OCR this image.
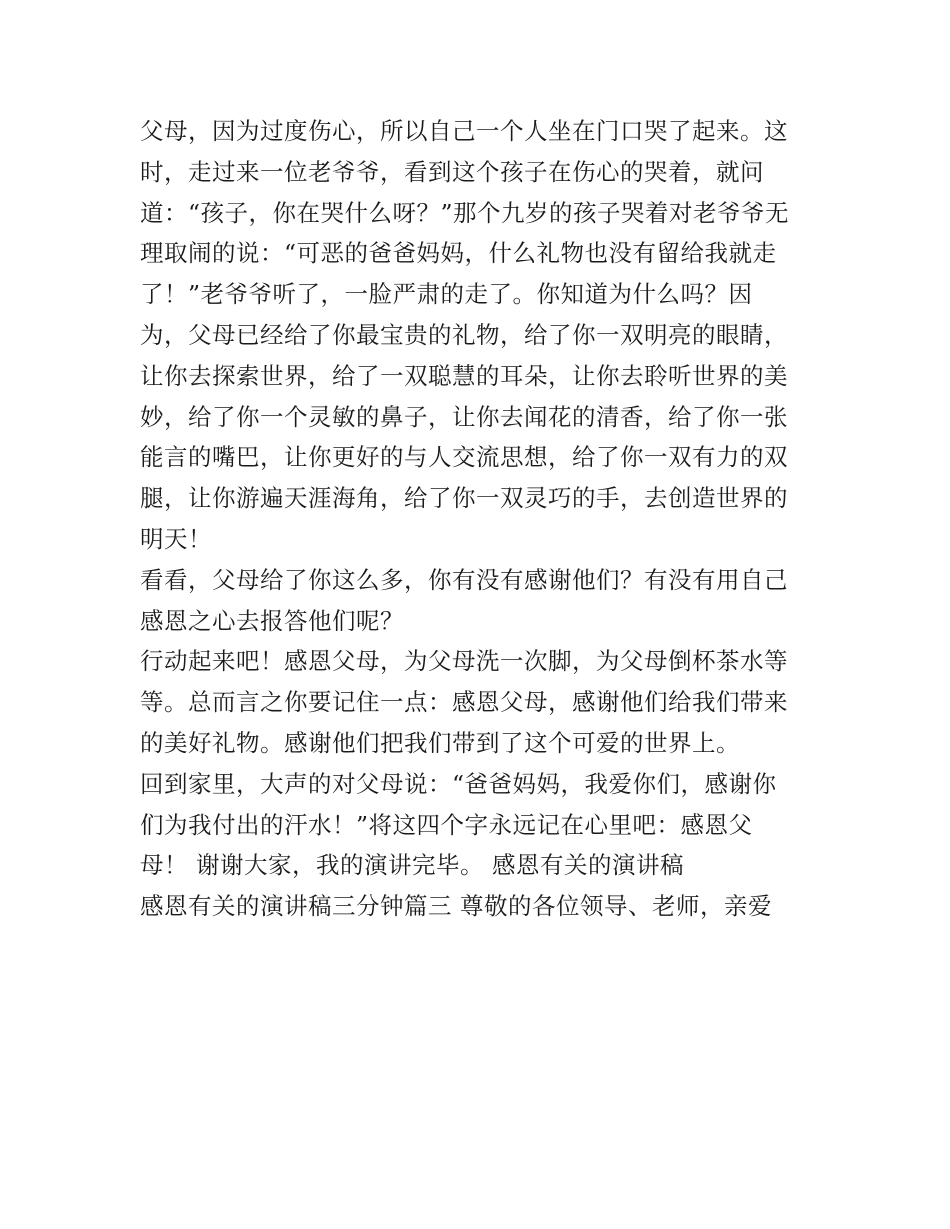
父母，因为过度伤心，所以自己一个人坐在门口哭了起来。这
时，走过来一位老爷爷，看到这个孩子在伤心的哭着，就问
道：“孩子，你在哭什么呀？”那个九岁的孩子哭着对老爷爷无
理取闹的说：“可恶的爸爸妈妈，什么礼物也没有留给我就走
了！”老爷爷听了，一脸严肃的走了。你知道为什么吗？因
为，父母已经给了你最宝贵的礼物，给了你一双明亮的眼睛，
让你去探索世界，给了一双聪慧的耳朵，让你去聆听世界的美
妙，给了你一个灵敏的鼻子，让你去闻花的清香，给了你一张
能言的嘴巴，让你更好的与人交流思想，给了你一双有力的双
腿，让你游遍天涯海角，给了你一双灵巧的手，去创造世界的
明天！
看看，父母给了你这么多，你有没有感谢他们？有没有用自己
感恩之心去报答他们呢？
行动起来吧！感恩父母，为父母洗一次脚，为父母倒杯茶水等
等。总而言之你要记住一点：感恩父母，感谢他们给我们带来
的美好礼物。感谢他们把我们带到了这个可爱的世界上。
回到家里，大声的对父母说：“爸爸妈妈，我爱你们，感谢你
们为我付出的汗水！”将这四个字永远记在心里吧：感恩父
母！ 谢谢大家，我的演讲完毕。 感恩有关的演讲稿
感恩有关的演讲稿三分钟篇三 尊敬的各位领导、老师，亲爱
